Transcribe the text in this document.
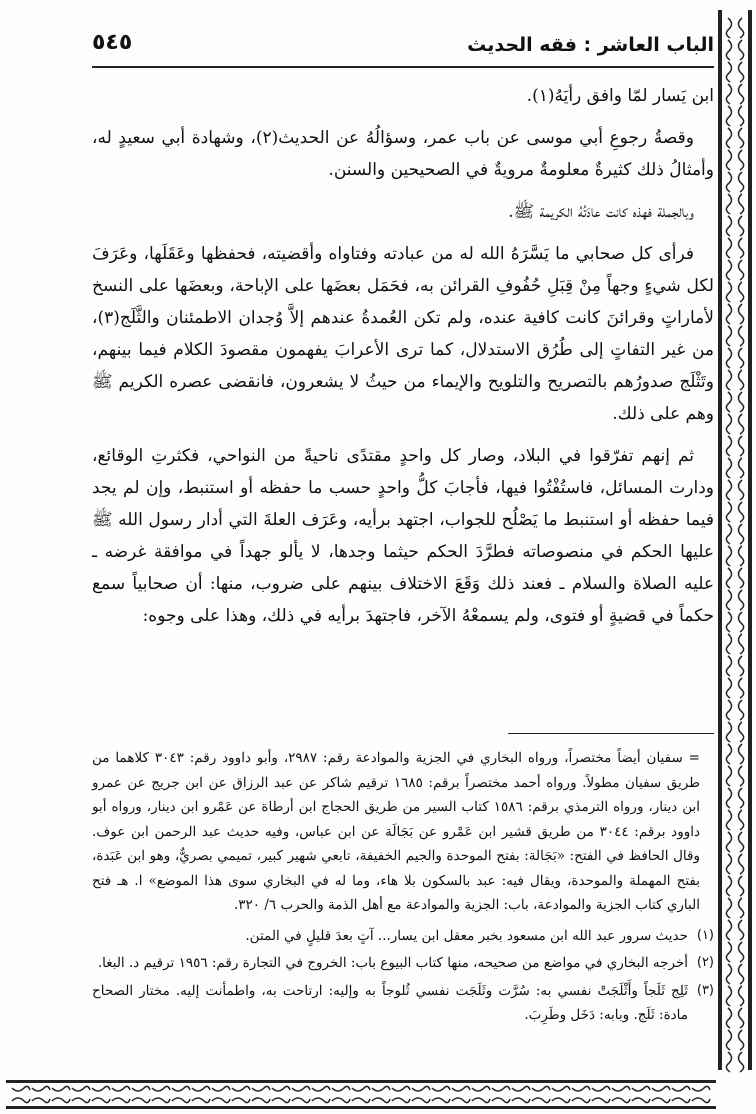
الباب العاشر : فقه الحديث
٥٤٥

ابن يَسار لمّا وافق رأيَهُ(١).

وقصةُ رجوعِ أبي موسى عن باب عمر، وسؤالُهُ عن الحديث(٢)، وشهادة أبي سعيدٍ له، وأمثالُ ذلك كثيرةٌ معلومةٌ مرويةٌ في الصحيحين والسنن.

وبالجملة فهذه كانت عادَتُهُ الكريمة ﷺ.

فرأى كل صحابي ما يَسَّرَهُ الله له من عبادته وفتاواه وأقضيته، فحفظها وعَقَلَها، وعَرَفَ لكل شيءٍ وجهاً مِنْ قِبَلِ حُفُوفِ القرائن به، فحَمَل بعضَها على الإباحة، وبعضَها على النسخ لأماراتٍ وقرائنَ كانت كافية عنده، ولم تكن العُمدةُ عندهم إلاَّ وُجدان الاطمئنان والثَّلَج(٣)، من غير التفاتٍ إلى طُرُق الاستدلال، كما ترى الأعرابَ يفهمون مقصودَ الكلام فيما بينهم، وتَثْلَج صدورُهم بالتصريح والتلويح والإيماء من حيثُ لا يشعرون، فانقضى عصره الكريم ﷺ وهم على ذلك.

ثم إنهم تفرّقوا في البلاد، وصار كل واحدٍ مقتدًى ناحيةً من النواحي، فكثرتِ الوقائع، ودارت المسائل، فاستُفْتُوا فيها، فأجابَ كلُّ واحدٍ حسب ما حفظه أو استنبط، وإن لم يجد فيما حفظه أو استنبط ما يَصْلُح للجواب، اجتهد برأيه، وعَرَف العلةَ التي أدار رسول الله ﷺ عليها الحكم في منصوصاته فطرَّدَ الحكم حيثما وجدها، لا يألو جهداً في موافقة غرضه ـ عليه الصلاة والسلام ـ فعند ذلك وَقَعَ الاختلاف بينهم على ضروب، منها: أن صحابياً سمع حكماً في قضيةٍ أو فتوى، ولم يسمعْهُ الآخر، فاجتهدَ برأيه في ذلك، وهذا على وجوه:

= سفيان أيضاً مختصراً، ورواه البخاري في الجزية والموادعة رقم: ٢٩٨٧، وأبو داوود رقم: ٣٠٤٣ كلاهما من طريق سفيان مطولاً. ورواه أحمد مختصراً برقم: ١٦٨٥ ترقيم شاكر عن عبد الرزاق عن ابن جريج عن عمرو ابن دينار، ورواه الترمذي برقم: ١٥٨٦ كتاب السير من طريق الحجاج ابن أرطاة عن عَمْرو ابن دينار، ورواه أبو داوود برقم: ٣٠٤٤ من طريق قشير ابن عَمْرو عن بَجَالَة عن ابن عباس، وفيه حديث عبد الرحمن ابن عوف. وقال الحافظ في الفتح: «بَجَالة: بفتح الموحدة والجيم الخفيفة، تابعي شهير كبير، تميمي بصريٌّ، وهو ابن عَبَدة، بفتح المهملة والموحدة، ويقال فيه: عبد بالسكون بلا هاء، وما له في البخاري سوى هذا الموضع» ا. هـ فتح الباري كتاب الجزية والموادعة، باب: الجزية والموادعة مع أهل الذمة والحرب ٦/ ٣٢٠.

(١)
حديث سرور عبد الله ابن مسعود بخبر معقل ابن يسار... آتٍ بعدَ قليلٍ في المتن.

(٢)
أخرجه البخاري في مواضع من صحيحه، منها كتاب البيوع باب: الخروج في التجارة رقم: ١٩٥٦ ترقيم د. البغا.

(٣)
ثَلِج ثَلَجاً وأَثْلَجَتْ نفسي به: سُرَّت وثَلَجَت نفسي ثُلوجاً به وإليه: ارتاحت به، واطمأنت إليه. مختار الصحاح مادة: ثَلَج. وبابه: دَخَل وطَرِبَ.
